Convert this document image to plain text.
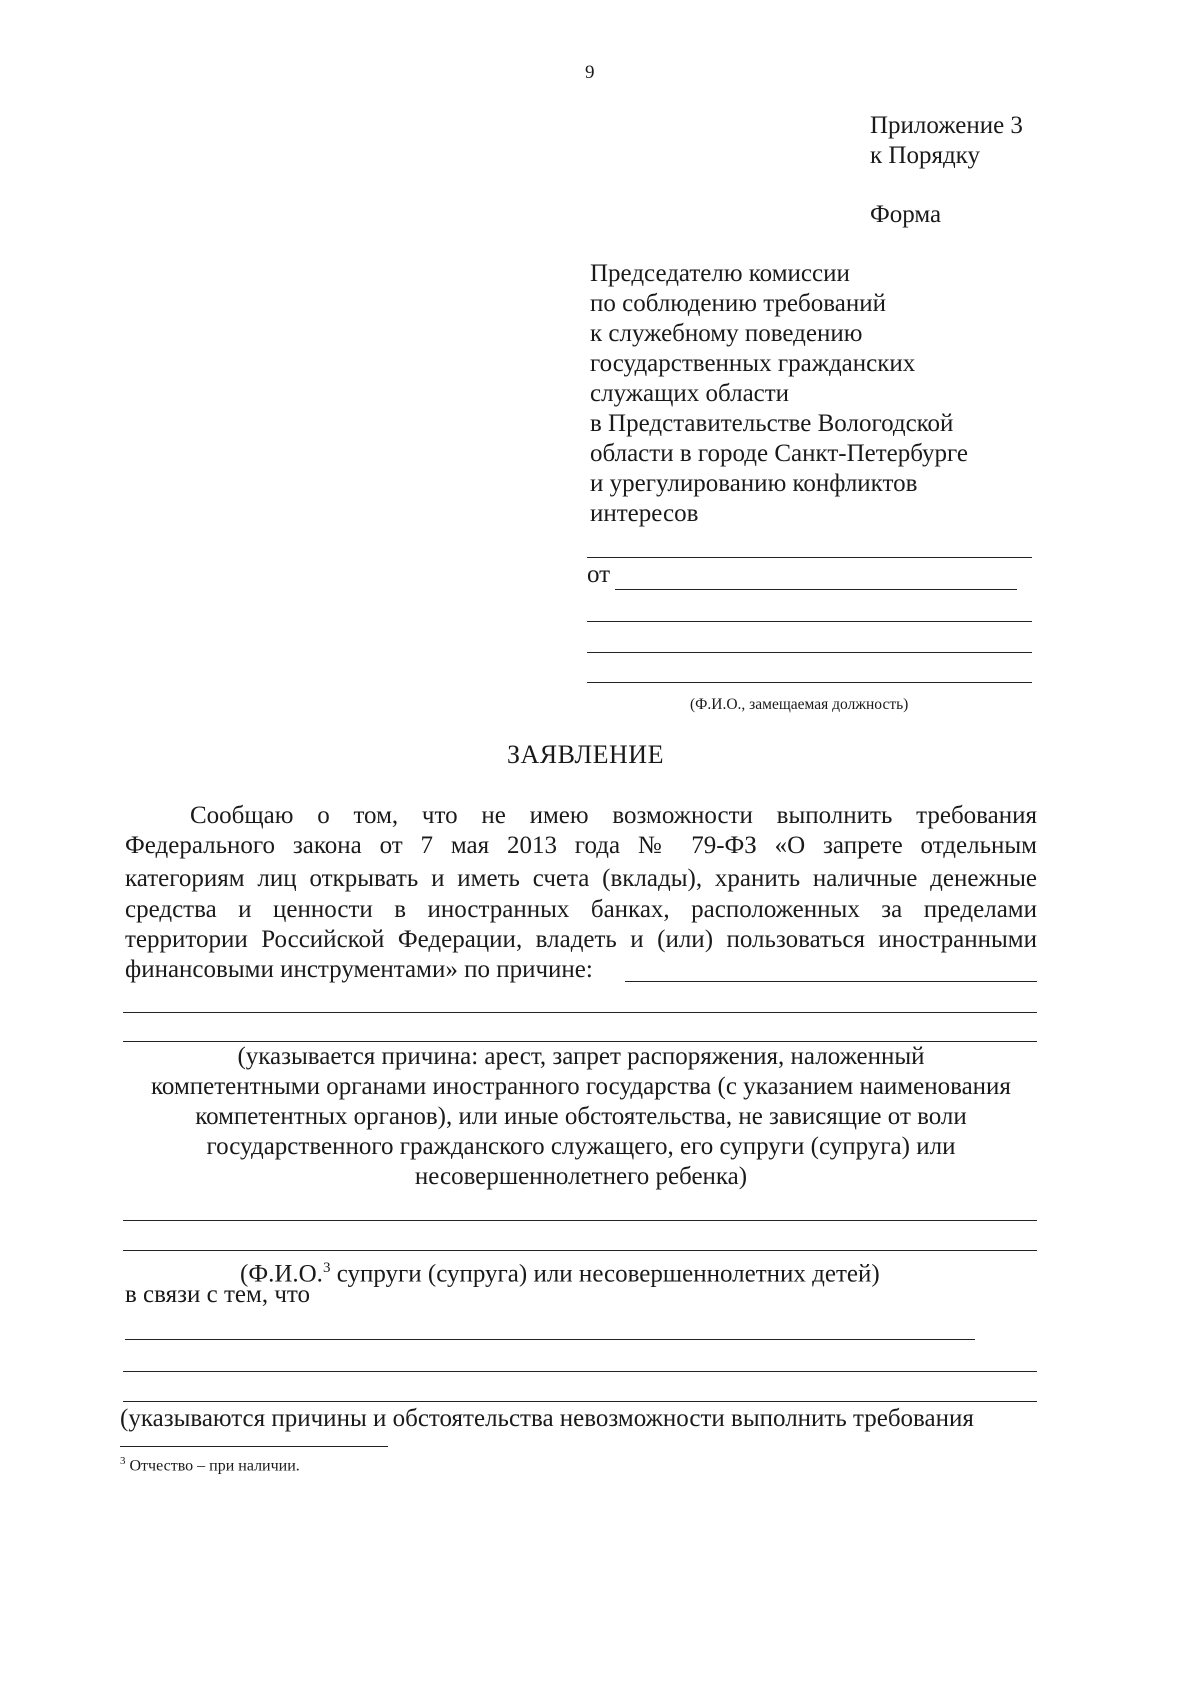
9
Приложение 3
к Порядку
Форма
Председателю комиссии
по соблюдению требований
к служебному поведению
государственных гражданских
служащих области
в Представительстве Вологодской
области в городе Санкт-Петербурге
и урегулированию конфликтов
интересов
от
(Ф.И.О., замещаемая должность)
ЗАЯВЛЕНИЕ
Сообщаю о том, что не имею возможности выполнить требования
Федерального закона от 7 мая 2013 года № 79-ФЗ «О запрете отдельным
категориям лиц открывать и иметь счета (вклады), хранить наличные денежные
средства и ценности в иностранных банках, расположенных за пределами
территории Российской Федерации, владеть и (или) пользоваться иностранными
финансовыми инструментами» по причине:
(указывается причина: арест, запрет распоряжения, наложенный
компетентными органами иностранного государства (с указанием наименования
компетентных органов), или иные обстоятельства, не зависящие от воли
государственного гражданского служащего, его супруги (супруга) или
несовершеннолетнего ребенка)
(Ф.И.О.$^3$ супруги (супруга) или несовершеннолетних детей)
в связи с тем, что
(указываются причины и обстоятельства невозможности выполнить требования
$^3$ Отчество – при наличии.
